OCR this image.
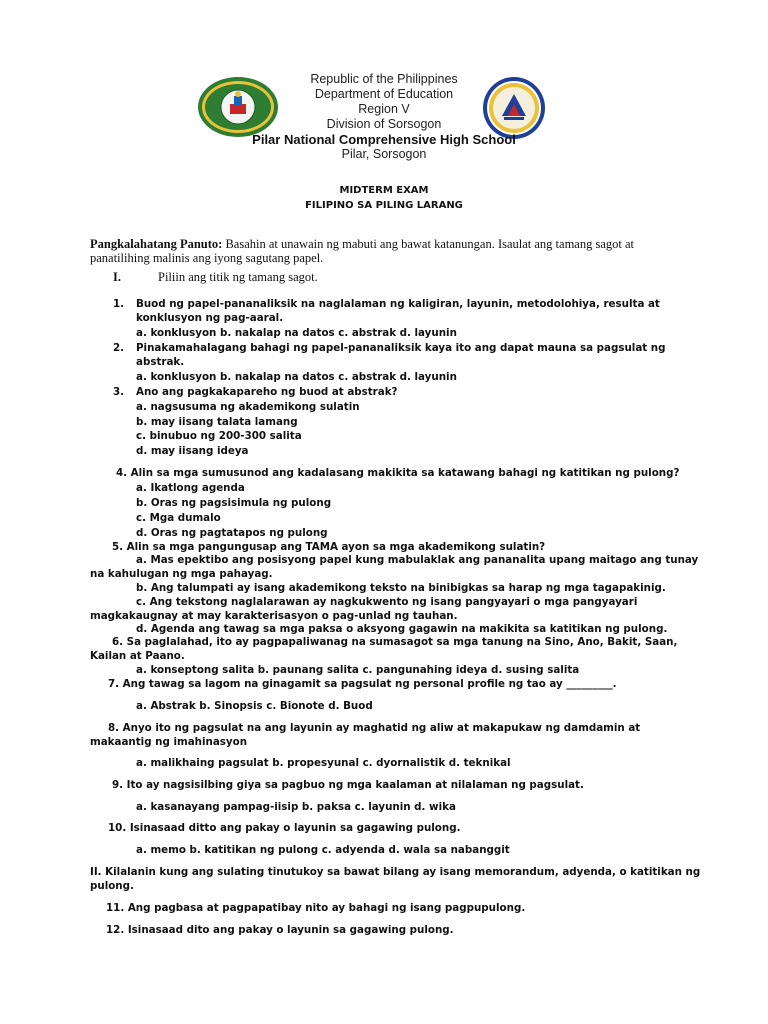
Republic of the Philippines
Department of Education
Region V
Division of Sorsogon
Pilar National Comprehensive High School
Pilar, Sorsogon
MIDTERM EXAM
FILIPINO SA PILING LARANG
Pangkalahatang Panuto: Basahin at unawain ng mabuti ang bawat katanungan. Isaulat ang tamang sagot at panatilihing malinis ang iyong sagutang papel.
I.	Piliin ang titik ng tamang sagot.
1. Buod ng papel-pananaliksik na naglalaman ng kaligiran, layunin, metodolohiya, resulta at
konklusyon ng pag-aaral.
a. konklusyon b. nakalap na datos c. abstrak d. layunin
2. Pinakamahalagang bahagi ng papel-pananaliksik kaya ito ang dapat mauna sa pagsulat ng
abstrak.
a. konklusyon b. nakalap na datos c. abstrak d. layunin
3. Ano ang pagkakapareho ng buod at abstrak?
a. nagsusuma ng akademikong sulatin
b. may iisang talata lamang
c. binubuo ng 200-300 salita
d. may iisang ideya
4. Alin sa mga sumusunod ang kadalasang makikita sa katawang bahagi ng katitikan ng pulong?
a. Ikatlong agenda
b. Oras ng pagsisimula ng pulong
c. Mga dumalo
d. Oras ng pagtatapos ng pulong
5. Alin sa mga pangungusap ang TAMA ayon sa mga akademikong sulatin?
a. Mas epektibo ang posisyong papel kung mabulaklak ang pananalita upang maitago ang tunay
na kahulugan ng mga pahayag.
b. Ang talumpati ay isang akademikong teksto na binibigkas sa harap ng mga tagapakinig.
c. Ang tekstong naglalarawan ay nagkukwento ng isang pangyayari o mga pangyayari
magkakaugnay at may karakterisasyon o pag-unlad ng tauhan.
d. Agenda ang tawag sa mga paksa o aksyong gagawin na makikita sa katitikan ng pulong.
6. Sa paglalahad, ito ay pagpapaliwanag na sumasagot sa mga tanung na Sino, Ano, Bakit, Saan,
Kailan at Paano.
a. konseptong salita b. paunang salita c. pangunahing ideya d. susing salita
7. Ang tawag sa lagom na ginagamit sa pagsulat ng personal profile ng tao ay _________.
a. Abstrak b. Sinopsis c. Bionote d. Buod
8. Anyo ito ng pagsulat na ang layunin ay maghatid ng aliw at makapukaw ng damdamin at
makaantig ng imahinasyon
a. malikhaing pagsulat b. propesyunal c. dyornalistik d. teknikal
9. Ito ay nagsisilbing giya sa pagbuo ng mga kaalaman at nilalaman ng pagsulat.
a. kasanayang pampag-iisip b. paksa c. layunin d. wika
10. Isinasaad ditto ang pakay o layunin sa gagawing pulong.
a. memo b. katitikan ng pulong c. adyenda d. wala sa nabanggit
II. Kilalanin kung ang sulating tinutukoy sa bawat bilang ay isang memorandum, adyenda, o katitikan ng
pulong.
11. Ang pagbasa at pagpapatibay nito ay bahagi ng isang pagpupulong.
12. Isinasaad dito ang pakay o layunin sa gagawing pulong.
